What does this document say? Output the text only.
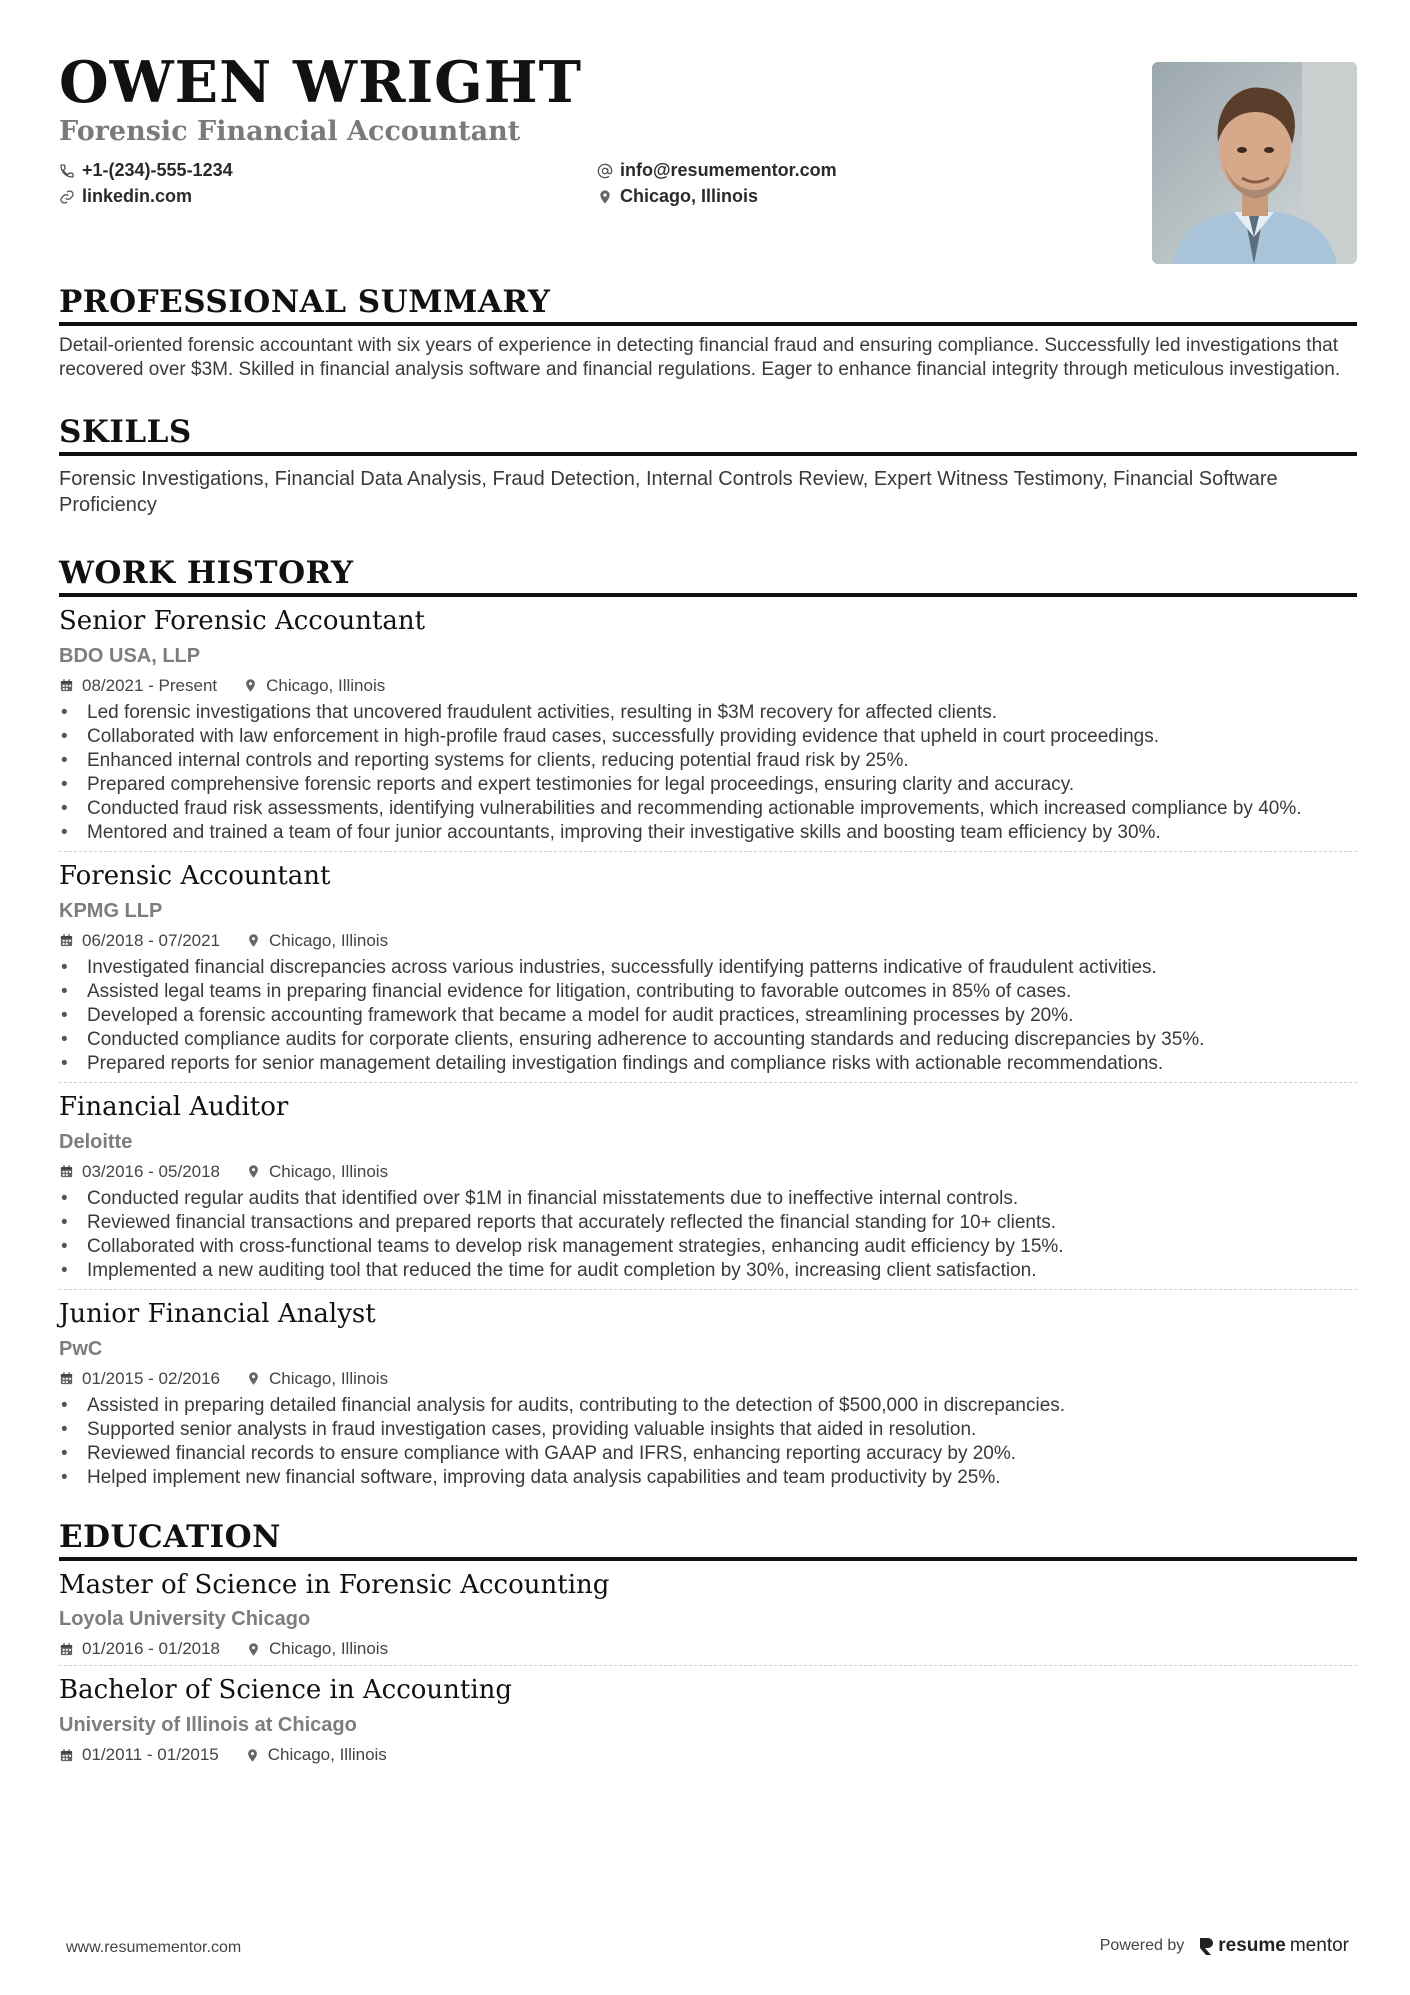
OWEN WRIGHT
Forensic Financial Accountant
+1-(234)-555-1234	info@resumementor.com
linkedin.com	Chicago, Illinois
PROFESSIONAL SUMMARY
Detail-oriented forensic accountant with six years of experience in detecting financial fraud and ensuring compliance. Successfully led investigations that recovered over $3M. Skilled in financial analysis software and financial regulations. Eager to enhance financial integrity through meticulous investigation.
SKILLS
Forensic Investigations, Financial Data Analysis, Fraud Detection, Internal Controls Review, Expert Witness Testimony, Financial Software Proficiency
WORK HISTORY
Senior Forensic Accountant
BDO USA, LLP
08/2021 - Present	Chicago, Illinois
• Led forensic investigations that uncovered fraudulent activities, resulting in $3M recovery for affected clients.
• Collaborated with law enforcement in high-profile fraud cases, successfully providing evidence that upheld in court proceedings.
• Enhanced internal controls and reporting systems for clients, reducing potential fraud risk by 25%.
• Prepared comprehensive forensic reports and expert testimonies for legal proceedings, ensuring clarity and accuracy.
• Conducted fraud risk assessments, identifying vulnerabilities and recommending actionable improvements, which increased compliance by 40%.
• Mentored and trained a team of four junior accountants, improving their investigative skills and boosting team efficiency by 30%.
Forensic Accountant
KPMG LLP
06/2018 - 07/2021	Chicago, Illinois
• Investigated financial discrepancies across various industries, successfully identifying patterns indicative of fraudulent activities.
• Assisted legal teams in preparing financial evidence for litigation, contributing to favorable outcomes in 85% of cases.
• Developed a forensic accounting framework that became a model for audit practices, streamlining processes by 20%.
• Conducted compliance audits for corporate clients, ensuring adherence to accounting standards and reducing discrepancies by 35%.
• Prepared reports for senior management detailing investigation findings and compliance risks with actionable recommendations.
Financial Auditor
Deloitte
03/2016 - 05/2018	Chicago, Illinois
• Conducted regular audits that identified over $1M in financial misstatements due to ineffective internal controls.
• Reviewed financial transactions and prepared reports that accurately reflected the financial standing for 10+ clients.
• Collaborated with cross-functional teams to develop risk management strategies, enhancing audit efficiency by 15%.
• Implemented a new auditing tool that reduced the time for audit completion by 30%, increasing client satisfaction.
Junior Financial Analyst
PwC
01/2015 - 02/2016	Chicago, Illinois
• Assisted in preparing detailed financial analysis for audits, contributing to the detection of $500,000 in discrepancies.
• Supported senior analysts in fraud investigation cases, providing valuable insights that aided in resolution.
• Reviewed financial records to ensure compliance with GAAP and IFRS, enhancing reporting accuracy by 20%.
• Helped implement new financial software, improving data analysis capabilities and team productivity by 25%.
EDUCATION
Master of Science in Forensic Accounting
Loyola University Chicago
01/2016 - 01/2018	Chicago, Illinois
Bachelor of Science in Accounting
University of Illinois at Chicago
01/2011 - 01/2015	Chicago, Illinois
www.resumementor.com	Powered by resume mentor
